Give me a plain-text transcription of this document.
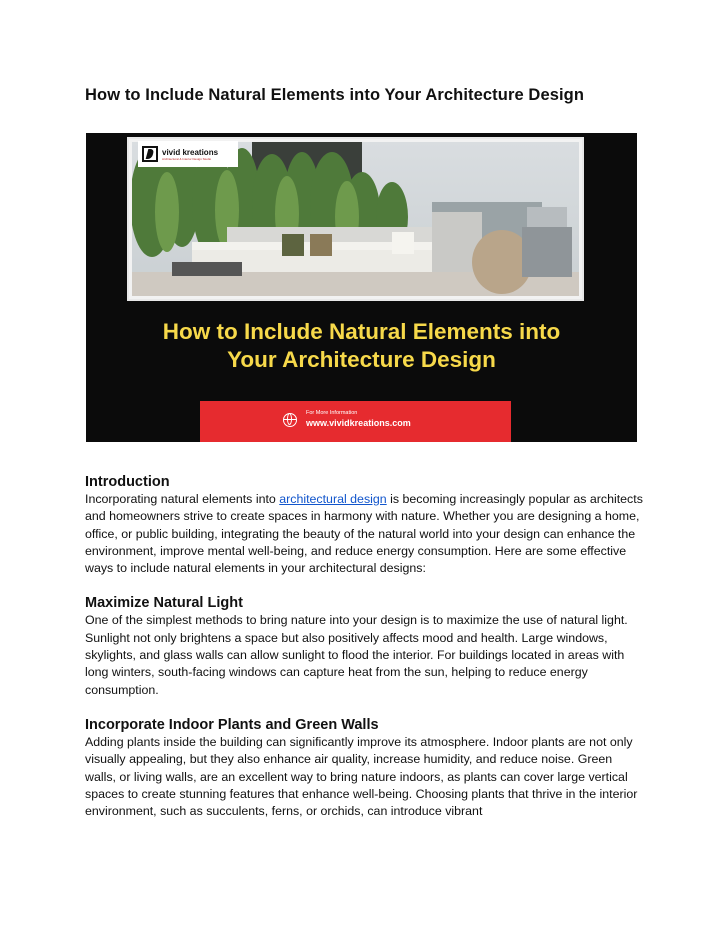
How to Include Natural Elements into Your Architecture Design
vivid kreations
Architectural & Interior Design Studio
How to Include Natural Elements into
Your Architecture Design
For More Information
www.vividkreations.com
Introduction

Incorporating natural elements into architectural design is becoming increasingly popular as architects and homeowners strive to create spaces in harmony with nature. Whether you are designing a home, office, or public building, integrating the beauty of the natural world into your design can enhance the environment, improve mental well-being, and reduce energy consumption. Here are some effective ways to include natural elements in your architectural designs:

Maximize Natural Light

One of the simplest methods to bring nature into your design is to maximize the use of natural light. Sunlight not only brightens a space but also positively affects mood and health. Large windows, skylights, and glass walls can allow sunlight to flood the interior. For buildings located in areas with long winters, south-facing windows can capture heat from the sun, helping to reduce energy consumption.

Incorporate Indoor Plants and Green Walls

Adding plants inside the building can significantly improve its atmosphere. Indoor plants are not only visually appealing, but they also enhance air quality, increase humidity, and reduce noise. Green walls, or living walls, are an excellent way to bring nature indoors, as plants can cover large vertical spaces to create stunning features that enhance well-being. Choosing plants that thrive in the interior environment, such as succulents, ferns, or orchids, can introduce vibrant
